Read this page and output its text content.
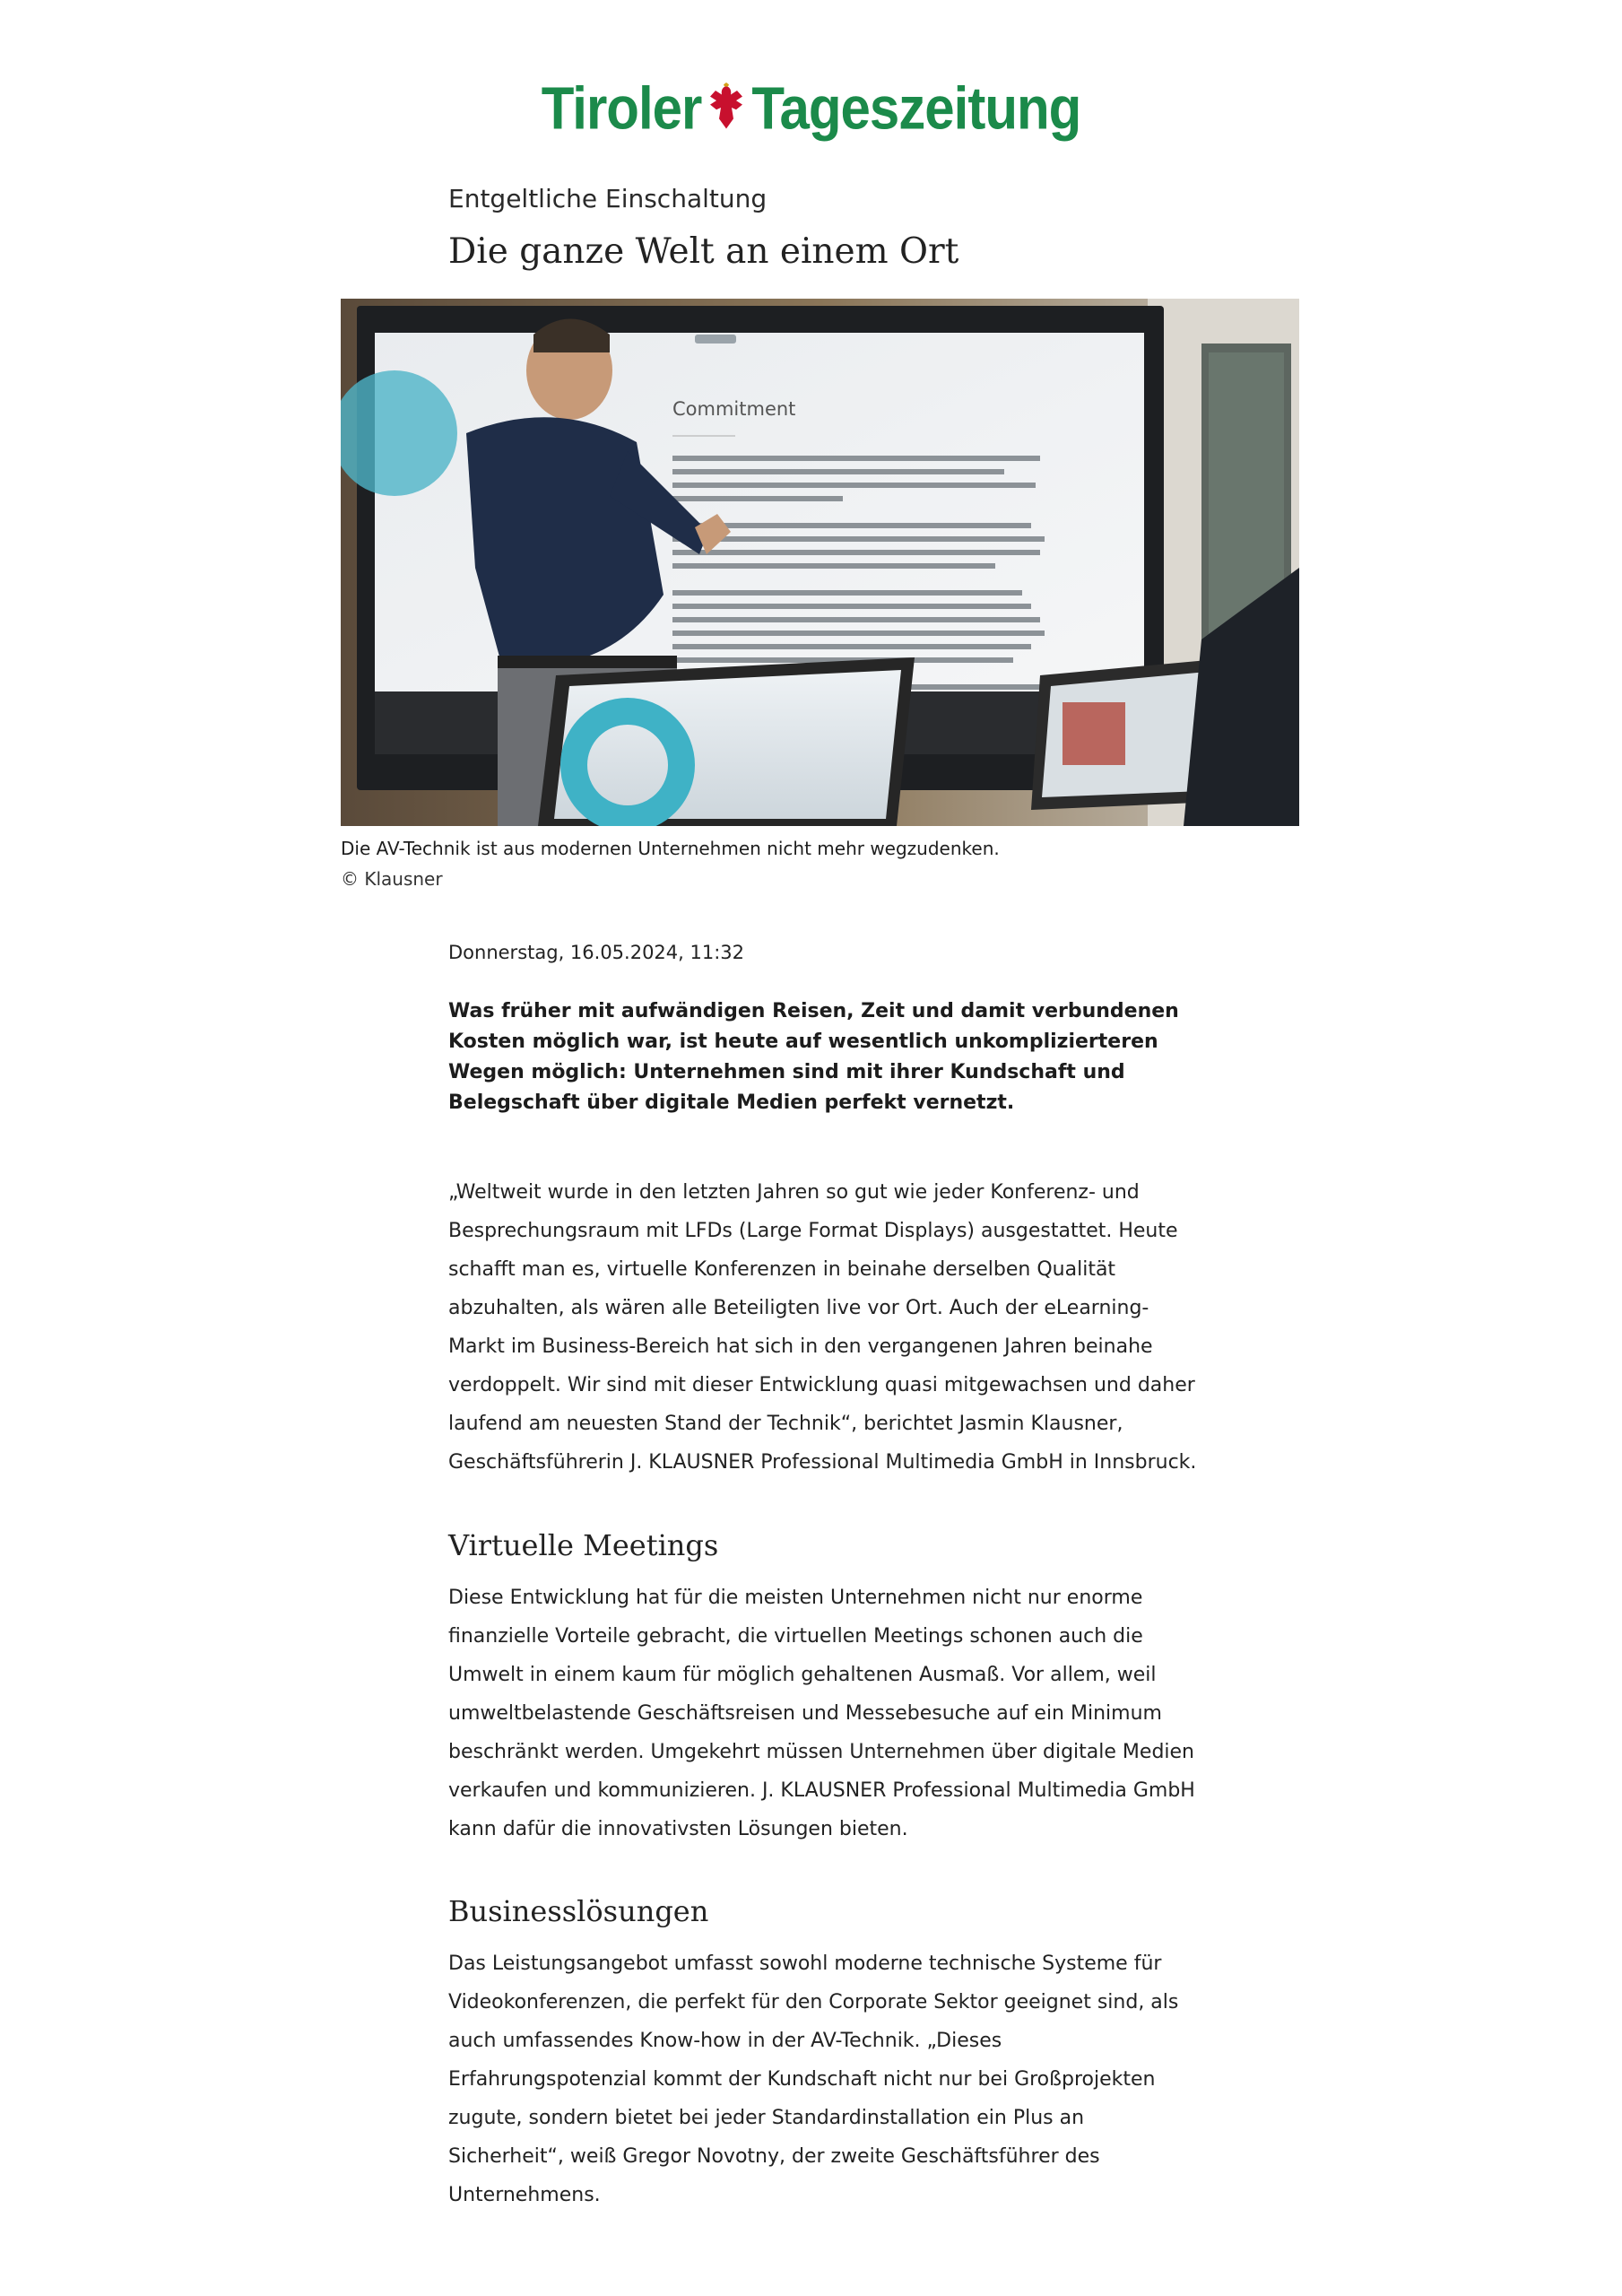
Tiroler Tageszeitung
Entgeltliche Einschaltung
Die ganze Welt an einem Ort
Commitment
Die AV-Technik ist aus modernen Unternehmen nicht mehr wegzudenken.
© Klausner
Donnerstag, 16.05.2024, 11:32

Was früher mit aufwändigen Reisen, Zeit und damit verbundenen Kosten möglich war, ist heute auf wesentlich unkomplizierteren Wegen möglich: Unternehmen sind mit ihrer Kundschaft und Belegschaft über digitale Medien perfekt vernetzt.

„Weltweit wurde in den letzten Jahren so gut wie jeder Konferenz- und Besprechungsraum mit LFDs (Large Format Displays) ausgestattet. Heute schafft man es, virtuelle Konferenzen in beinahe derselben Qualität abzuhalten, als wären alle Beteiligten live vor Ort. Auch der eLearning-Markt im Business-Bereich hat sich in den vergangenen Jahren beinahe verdoppelt. Wir sind mit dieser Entwicklung quasi mitgewachsen und daher laufend am neuesten Stand der Technik“, berichtet Jasmin Klausner, Geschäftsführerin J. KLAUSNER Professional Multimedia GmbH in Innsbruck.

Virtuelle Meetings

Diese Entwicklung hat für die meisten Unternehmen nicht nur enorme finanzielle Vorteile gebracht, die virtuellen Meetings schonen auch die Umwelt in einem kaum für möglich gehaltenen Ausmaß. Vor allem, weil umweltbelastende Geschäftsreisen und Messebesuche auf ein Minimum beschränkt werden. Umgekehrt müssen Unternehmen über digitale Medien verkaufen und kommunizieren. J. KLAUSNER Professional Multimedia GmbH kann dafür die innovativsten Lösungen bieten.

Businesslösungen

Das Leistungsangebot umfasst sowohl moderne technische Systeme für Videokonferenzen, die perfekt für den Corporate Sektor geeignet sind, als auch umfassendes Know-how in der AV-Technik. „Dieses Erfahrungspotenzial kommt der Kundschaft nicht nur bei Großprojekten zugute, sondern bietet bei jeder Standardinstallation ein Plus an Sicherheit“, weiß Gregor Novotny, der zweite Geschäftsführer des Unternehmens.
